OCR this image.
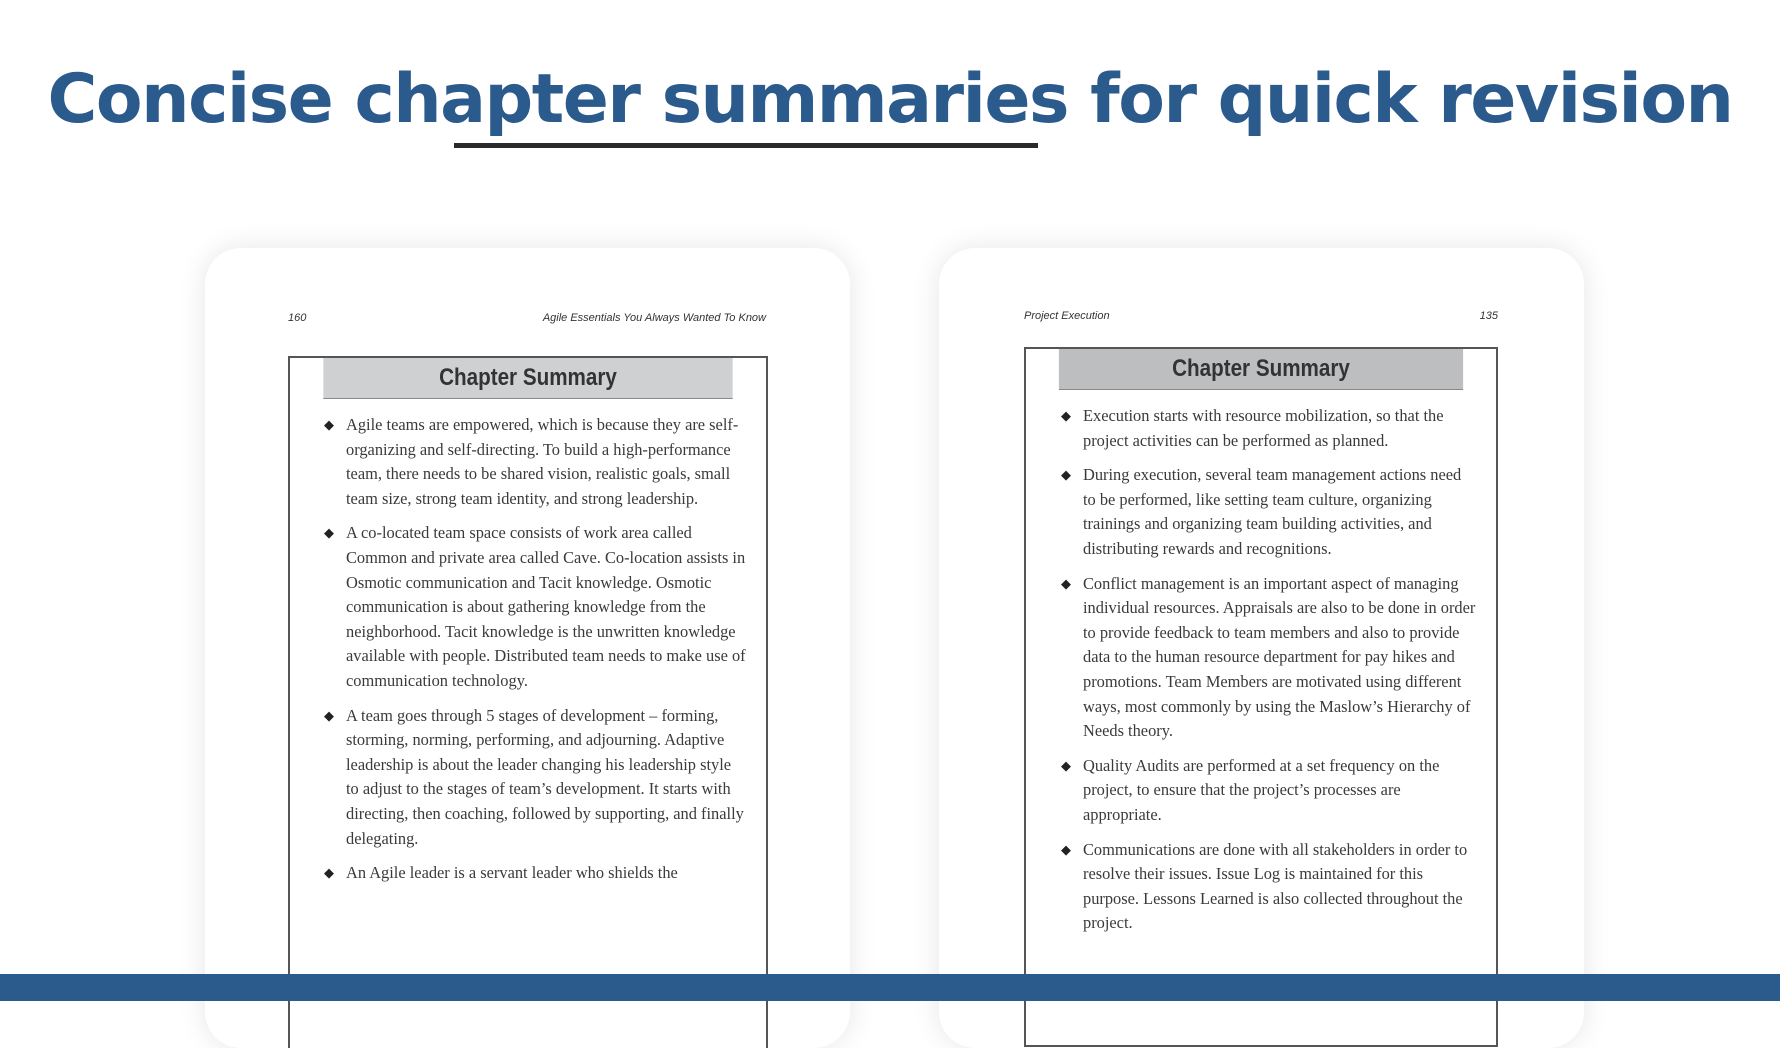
Concise chapter summaries for quick revision
160	Agile Essentials You Always Wanted To Know
Chapter Summary
◆ Agile teams are empowered, which is because they are self-organizing and self-directing. To build a high-performance team, there needs to be shared vision, realistic goals, small team size, strong team identity, and strong leadership.
◆ A co-located team space consists of work area called Common and private area called Cave. Co-location assists in Osmotic communication and Tacit knowledge. Osmotic communication is about gathering knowledge from the neighborhood. Tacit knowledge is the unwritten knowledge available with people. Distributed team needs to make use of communication technology.
◆ A team goes through 5 stages of development – forming, storming, norming, performing, and adjourning. Adaptive leadership is about the leader changing his leadership style to adjust to the stages of team’s development. It starts with directing, then coaching, followed by supporting, and finally delegating.
◆ An Agile leader is a servant leader who shields the
Project Execution	135
Chapter Summary
◆ Execution starts with resource mobilization, so that the project activities can be performed as planned.
◆ During execution, several team management actions need to be performed, like setting team culture, organizing trainings and organizing team building activities, and distributing rewards and recognitions.
◆ Conflict management is an important aspect of managing individual resources. Appraisals are also to be done in order to provide feedback to team members and also to provide data to the human resource department for pay hikes and promotions. Team Members are motivated using different ways, most commonly by using the Maslow’s Hierarchy of Needs theory.
◆ Quality Audits are performed at a set frequency on the project, to ensure that the project’s processes are appropriate.
◆ Communications are done with all stakeholders in order to resolve their issues. Issue Log is maintained for this purpose. Lessons Learned is also collected throughout the project.
